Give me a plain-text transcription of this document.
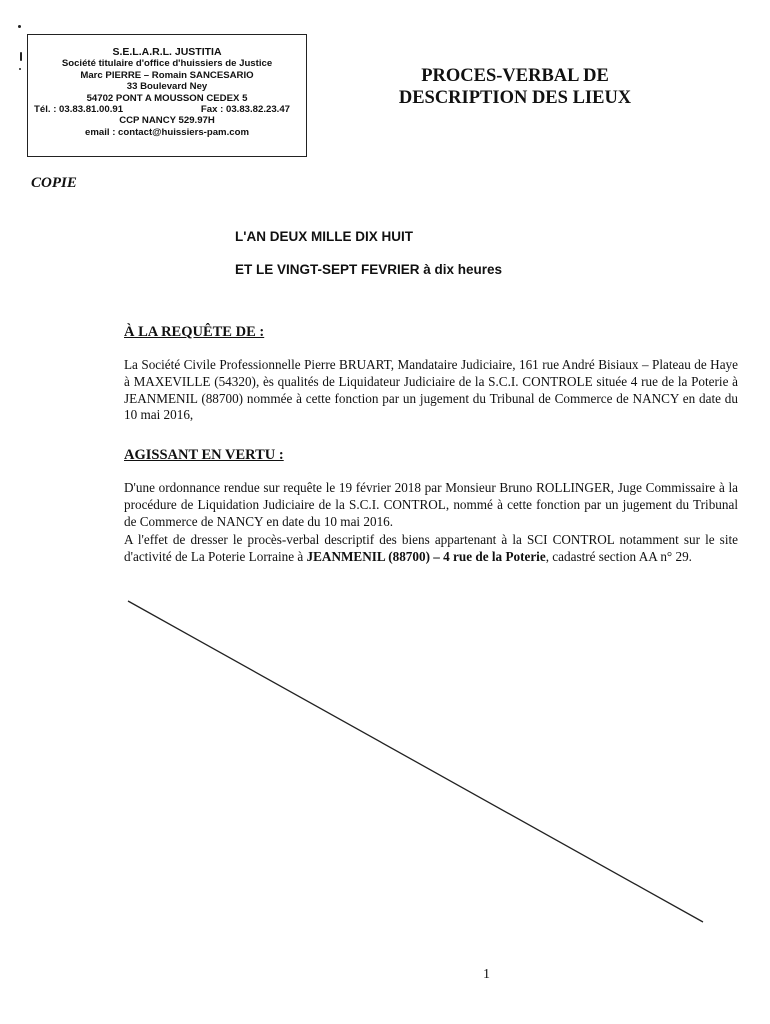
S.E.L.A.R.L. JUSTITIA
Société titulaire d'office d'huissiers de Justice
Marc PIERRE – Romain SANCESARIO
33 Boulevard Ney
54702 PONT A MOUSSON CEDEX 5
Tél. : 03.83.81.00.91	Fax : 03.83.82.23.47
CCP NANCY 529.97H
email : contact@huissiers-pam.com
PROCES-VERBAL DE
DESCRIPTION DES LIEUX
COPIE
L'AN DEUX MILLE DIX HUIT
ET LE VINGT-SEPT FEVRIER à dix heures
À LA REQUÊTE DE :
La Société Civile Professionnelle Pierre BRUART, Mandataire Judiciaire, 161 rue André Bisiaux – Plateau de Haye à MAXEVILLE (54320), ès qualités de Liquidateur Judiciaire de la S.C.I. CONTROLE située 4 rue de la Poterie à JEANMENIL (88700) nommée à cette fonction par un jugement du Tribunal de Commerce de NANCY en date du 10 mai 2016,
AGISSANT EN VERTU :
D'une ordonnance rendue sur requête le 19 février 2018 par Monsieur Bruno ROLLINGER, Juge Commissaire à la procédure de Liquidation Judiciaire de la S.C.I. CONTROL, nommé à cette fonction par un jugement du Tribunal de Commerce de NANCY en date du 10 mai 2016.
A l'effet de dresser le procès-verbal descriptif des biens appartenant à la SCI CONTROL notamment sur le site d'activité de La Poterie Lorraine à JEANMENIL (88700) – 4 rue de la Poterie, cadastré section AA n° 29.
1
